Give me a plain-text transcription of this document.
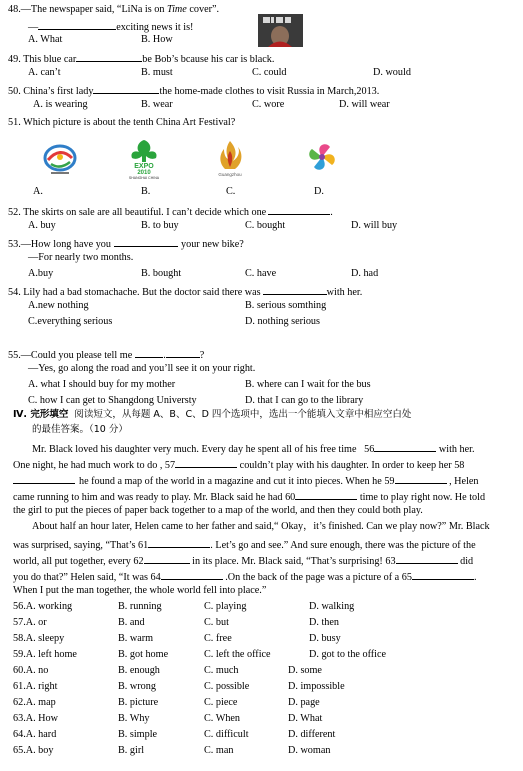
48.—The newspaper said, “LiNa is on Time cover”.
—	exciting news it is!
A. What	B. How
49. This blue car	be Bob’s bcause his car is black.
A. can’t	B. must	C. could	D. would
50. China’s first lady	the home-made clothes to visit Russia in March,2013.
A. is wearing	B. wear	C. wore	D. will wear
51. Which picture is about the tenth China Art Festival?
EXPO
2010
SHANGHAI CHINA
Guangzhou
A.	B.	C.	D.
52. The skirts on sale are all beautiful. I can’t decide which one	.
A. buy	B. to buy	C. bought	D. will buy
53.—How long have you	your new bike?
—For nearly two months.
A.buy	B. bought	C. have	D. had
54. Lily had a bad stomachache. But the doctor said there was	with her.
A.new nothing	B. serious somthing
C.everything serious	D. nothing serious
55.—Could you please tell me	.	?
—Yes, go along the road and you’ll see it on your right.
A. what I should buy for my mother	B. where can I wait for the bus
C. how I can get to Shangdong Universty	D. that I can go to the library
Ⅳ. 完形填空  阅读短文，从每题 A、B、C、D 四个选项中，选出一个能填入文章中相应空白处
的最佳答案。（10 分）
Mr. Black loved his daughter very much. Every day he spent all of his free time   56	with her.
One night, he had much work to do , 57	couldn’t play with his daughter. In order to keep her 58
he found a map of the world in a magazine and cut it into pieces. When he 59	, Helen
came running to him and was ready to play. Mr. Black said he had 60	time to play right now. He told
the girl to put the pieces of paper back together to a map of the world, and then they could both play.
About half an hour later, Helen came to her father and said,“ Okay，it’s finished. Can we play now?” Mr. Black
was surprised, saying, “That’s 61	. Let’s go and see.” And sure enough, there was the picture of the
world, all put together, every 62	in its place. Mr. Black said, “That’s surprising! 63	did
you do that?” Helen said, “It was 64	.On the back of the page was a picture of a 65	.
When I put the man together, the whole world fell into place.”
56.A. working	B. running	C. playing	D. walking
57.A. or	B. and	C. but	D. then
58.A. sleepy	B. warm	C. free	D. busy
59.A. left home	B. got home	C. left the office	D. got to the office
60.A. no	B. enough	C. much	D. some
61.A. right	B. wrong	C. possible	D. impossible
62.A. map	B. picture	C. piece	D. page
63.A. How	B. Why	C. When	D. What
64.A. hard	B. simple	C. difficult	D. different
65.A. boy	B. girl	C. man	D. woman
